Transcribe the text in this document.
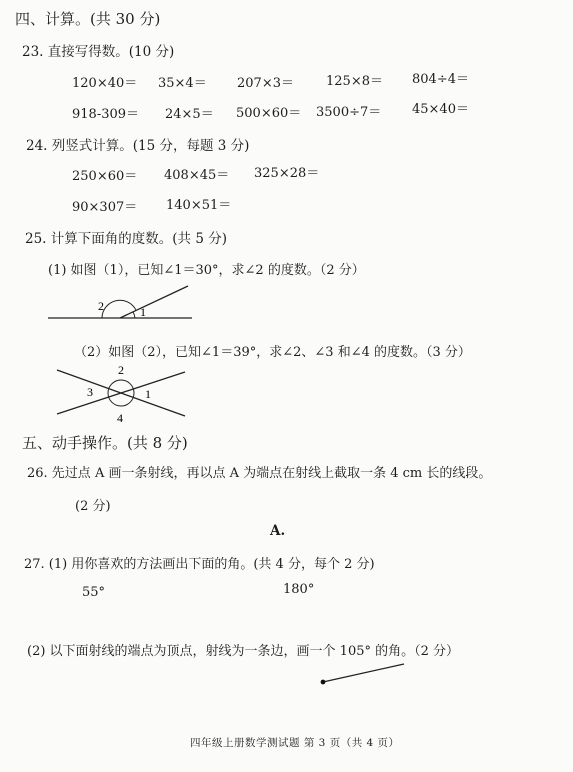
四、计算。(共 30 分)
23. 直接写得数。(10 分)
120×40＝ 35×4＝ 207×3＝ 125×8＝ 804÷4＝
918-309＝ 24×5＝ 500×60＝ 3500÷7＝ 45×40＝
24. 列竖式计算。(15 分，每题 3 分)
250×60＝ 408×45＝ 325×28＝
90×307＝ 140×51＝
25. 计算下面角的度数。(共 5 分)
(1) 如图（1），已知∠1＝30°，求∠2 的度数。（2 分）
2	1
（2）如图（2），已知∠1＝39°，求∠2、∠3 和∠4 的度数。（3 分）
2
3	1
4
五、动手操作。(共 8 分)
26. 先过点 A 画一条射线，再以点 A 为端点在射线上截取一条 4 cm 长的线段。
(2 分)
A.
27. (1) 用你喜欢的方法画出下面的角。(共 4 分，每个 2 分)
55°	180°
(2) 以下面射线的端点为顶点，射线为一条边，画一个 105° 的角。（2 分）
四年级上册数学测试题 第 3 页（共 4 页）
